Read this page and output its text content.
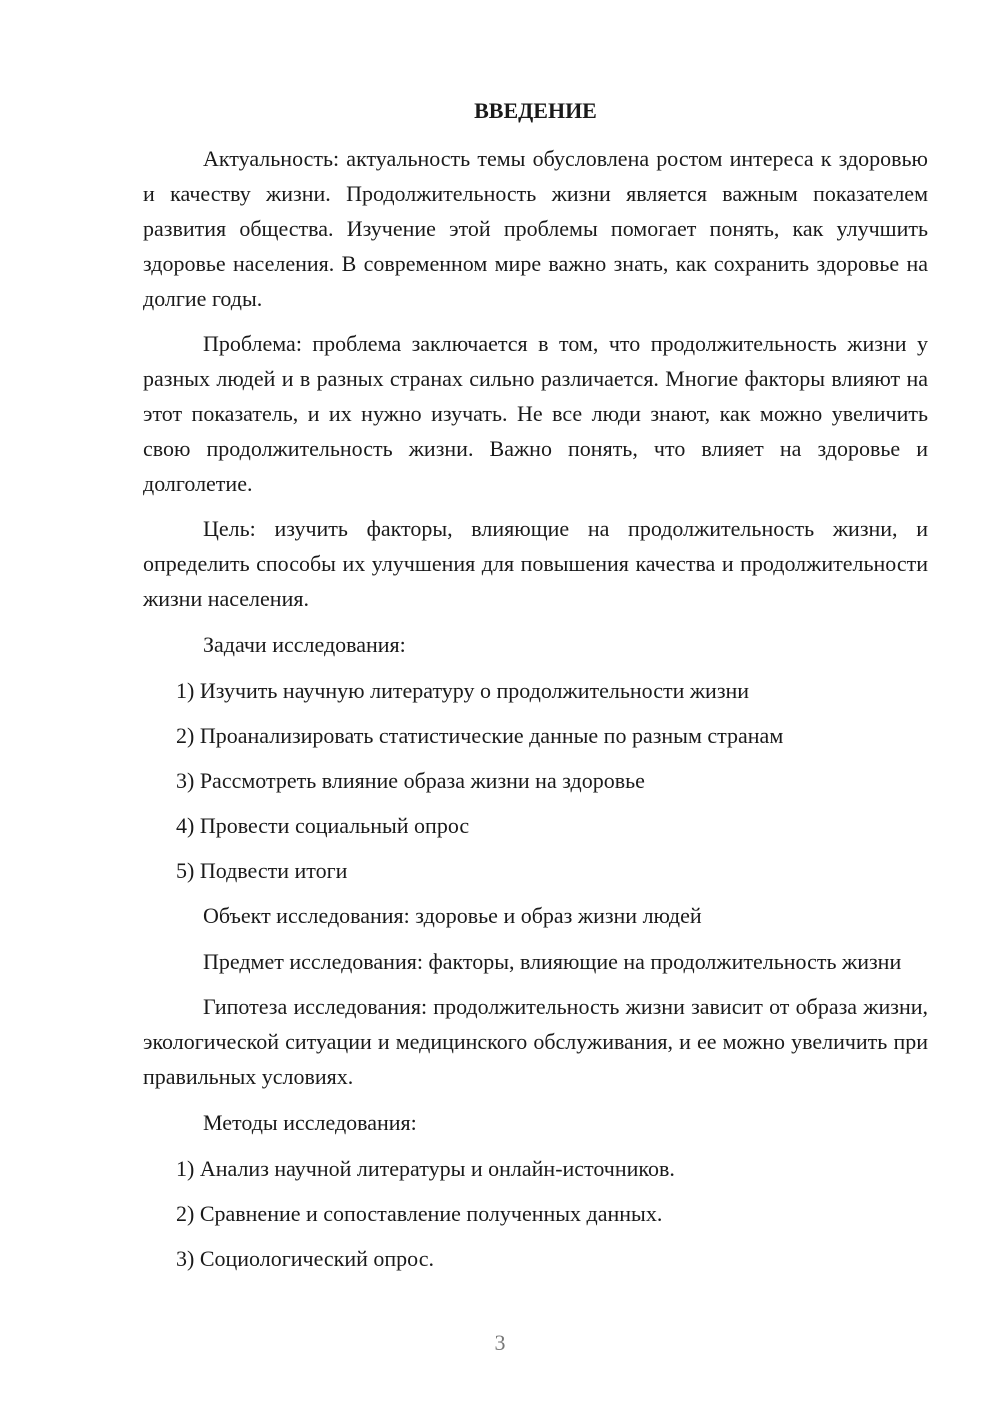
ВВЕДЕНИЕ

Актуальность: актуальность темы обусловлена ростом интереса к здоровью и качеству жизни. Продолжительность жизни является важным показателем развития общества. Изучение этой проблемы помогает понять, как улучшить здоровье населения. В современном мире важно знать, как сохранить здоровье на долгие годы.

Проблема: проблема заключается в том, что продолжительность жизни у разных людей и в разных странах сильно различается. Многие факторы влияют на этот показатель, и их нужно изучать. Не все люди знают, как можно увеличить свою продолжительность жизни. Важно понять, что влияет на здоровье и долголетие.

Цель: изучить факторы, влияющие на продолжительность жизни, и определить способы их улучшения для повышения качества и продолжительности жизни населения.

Задачи исследования:

1) Изучить научную литературу о продолжительности жизни

2) Проанализировать статистические данные по разным странам

3) Рассмотреть влияние образа жизни на здоровье

4) Провести социальный опрос

5) Подвести итоги

Объект исследования: здоровье и образ жизни людей

Предмет исследования: факторы, влияющие на продолжительность жизни

Гипотеза исследования: продолжительность жизни зависит от образа жизни, экологической ситуации и медицинского обслуживания, и ее можно увеличить при правильных условиях.

Методы исследования:

1) Анализ научной литературы и онлайн-источников.

2) Сравнение и сопоставление полученных данных.

3) Социологический опрос.

3
